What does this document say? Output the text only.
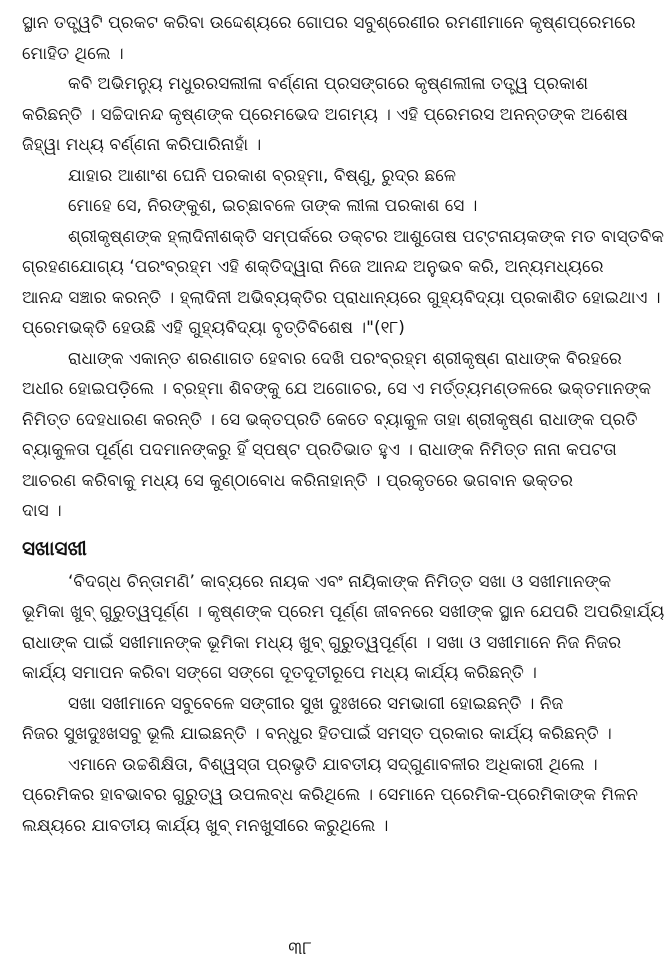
ସ୍ଥାନ ତତ୍ତ୍ୱଟି ପ୍ରକଟ କରିବା ଉଦ୍ଦେଶ୍ୟରେ ଗୋପର ସବୁଶ୍ରେଣୀର ରମଣୀମାନେ କୃଷ୍ଣପ୍ରେମରେ
ମୋହିତ ଥିଲେ ।
କବି ଅଭିମନ୍ୟୁ ମଧୁରରସଲୀଳା ବର୍ଣ୍ଣନା ପ୍ରସଙ୍ଗରେ କୃଷ୍ଣଲୀଳା ତତ୍ତ୍ୱ ପ୍ରକାଶ
କରିଛନ୍ତି । ସଚ୍ଚିଦାନନ୍ଦ କୃଷ୍ଣଙ୍କ ପ୍ରେମଭେଦ ଅଗମ୍ୟ । ଏହି ପ୍ରେମରସ ଅନନ୍ତଙ୍କ ଅଶେଷ
ଜିହ୍ୱା ମଧ୍ୟ ବର୍ଣ୍ଣନା କରିପାରିନାହାଁ ।
ଯାହାର ଆଶାଂଶ ଘେନି ପରକାଶ ବ୍ରହ୍ମା, ବିଷ୍ଣୁ, ରୁଦ୍ର ଛଳେ
ମୋହେ ସେ, ନିରଙ୍କୁଶ, ଇଚ୍ଛାବଳେ ତାଙ୍କ ଲୀଳା ପରକାଶ ସେ ।
ଶ୍ରୀକୃଷ୍ଣଙ୍କ ହ୍ଲାଦିନୀଶକ୍ତି ସମ୍ପର୍କରେ ଡକ୍ଟର ଆଶୁତୋଷ ପଟ୍ଟନାୟକଙ୍କ ମତ ବାସ୍ତବିକ
ଗ୍ରହଣଯୋଗ୍ୟ ‘ପରଂବ୍ରହ୍ମ ଏହି ଶକ୍ତିଦ୍ୱାରା ନିଜେ ଆନନ୍ଦ ଅନୁଭବ କରି, ଅନ୍ୟମଧ୍ୟରେ
ଆନନ୍ଦ ସଞ୍ଚାର କରନ୍ତି । ହ୍ଲାଦିନୀ ଅଭିବ୍ୟକ୍ତିର ପ୍ରାଧାନ୍ୟରେ ଗୁହ୍ୟବିଦ୍ୟା ପ୍ରକାଶିତ ହୋଇଥାଏ ।
ପ୍ରେମଭକ୍ତି ହେଉଛି ଏହି ଗୁହ୍ୟବିଦ୍ୟା ବୃତ୍ତିବିଶେଷ ।"(୧୮)
ରାଧାଙ୍କ ଏକାନ୍ତ ଶରଣାଗତ ହେବାର ଦେଖି ପରଂବ୍ରହ୍ମ ଶ୍ରୀକୃଷ୍ଣ ରାଧାଙ୍କ ବିରହରେ
ଅଧୀର ହୋଇପଡ଼ିଲେ । ବ୍ରହ୍ମା ଶିବଙ୍କୁ ଯେ ଅଗୋଚର, ସେ ଏ ମର୍ତ୍ତ୍ୟମଣ୍ଡଳରେ ଭକ୍ତମାନଙ୍କ
ନିମିତ୍ତ ଦେହଧାରଣ କରନ୍ତି । ସେ ଭକ୍ତପ୍ରତି କେତେ ବ୍ୟାକୁଳ ତାହା ଶ୍ରୀକୃଷ୍ଣ ରାଧାଙ୍କ ପ୍ରତି
ବ୍ୟାକୁଳତା ପୂର୍ଣ୍ଣ ପଦମାନଙ୍କରୁ ହିଁ ସ୍ପଷ୍ଟ ପ୍ରତିଭାତ ହୁଏ । ରାଧାଙ୍କ ନିମିତ୍ତ ନାନା କପଟତା
ଆଚରଣ କରିବାକୁ ମଧ୍ୟ ସେ କୁଣ୍ଠାବୋଧ କରିନାହାନ୍ତି । ପ୍ରକୃତରେ ଭଗବାନ ଭକ୍ତର
ଦାସ ।
ସଖାସଖୀ
‘ବିଦଗ୍ଧ ଚିନ୍ତାମଣି’ କାବ୍ୟରେ ନାୟକ ଏବଂ ନାୟିକାଙ୍କ ନିମିତ୍ତ ସଖା ଓ ସଖୀମାନଙ୍କ
ଭୂମିକା ଖୁବ୍ ଗୁରୁତ୍ୱପୂର୍ଣ୍ଣ । କୃଷ୍ଣଙ୍କ ପ୍ରେମ ପୂର୍ଣ୍ଣ ଜୀବନରେ ସଖୀଙ୍କ ସ୍ଥାନ ଯେପରି ଅପରିହାର୍ଯ୍ୟ
ରାଧାଙ୍କ ପାଇଁ ସଖୀମାନଙ୍କ ଭୂମିକା ମଧ୍ୟ ଖୁବ୍ ଗୁରୁତ୍ୱପୂର୍ଣ୍ଣ । ସଖା ଓ ସଖୀମାନେ ନିଜ ନିଜର
କାର୍ଯ୍ୟ ସମାପନ କରିବା ସଙ୍ଗେ ସଙ୍ଗେ ଦୂତଦୂତୀରୂପେ ମଧ୍ୟ କାର୍ଯ୍ୟ କରିଛନ୍ତି ।
ସଖା ସଖୀମାନେ ସବୁବେଳେ ସଙ୍ଗୀର ସୁଖ ଦୁଃଖରେ ସମଭାଗୀ ହୋଇଛନ୍ତି । ନିଜ
ନିଜର ସୁଖଦୁଃଖସବୁ ଭୂଲି ଯାଇଛନ୍ତି । ବନ୍ଧୁର ହିତପାଇଁ ସମସ୍ତ ପ୍ରକାର କାର୍ଯ୍ୟ କରିଛନ୍ତି ।
ଏମାନେ ଉଚ୍ଚଶିକ୍ଷିତା, ବିଶ୍ୱସ୍ତା ପ୍ରଭୃତି ଯାବତୀୟ ସଦ୍‌ଗୁଣାବଳୀର ଅଧିକାରୀ ଥିଲେ ।
ପ୍ରେମିକର ହାବଭାବର ଗୁରୁତ୍ୱ ଉପଲବ୍ଧ କରିଥିଲେ । ସେମାନେ ପ୍ରେମିକ-ପ୍ରେମିକାଙ୍କ ମିଳନ
ଲକ୍ଷ୍ୟରେ ଯାବତୀୟ କାର୍ଯ୍ୟ ଖୁବ୍ ମନଖୁସୀରେ କରୁଥିଲେ ।
୩୮
